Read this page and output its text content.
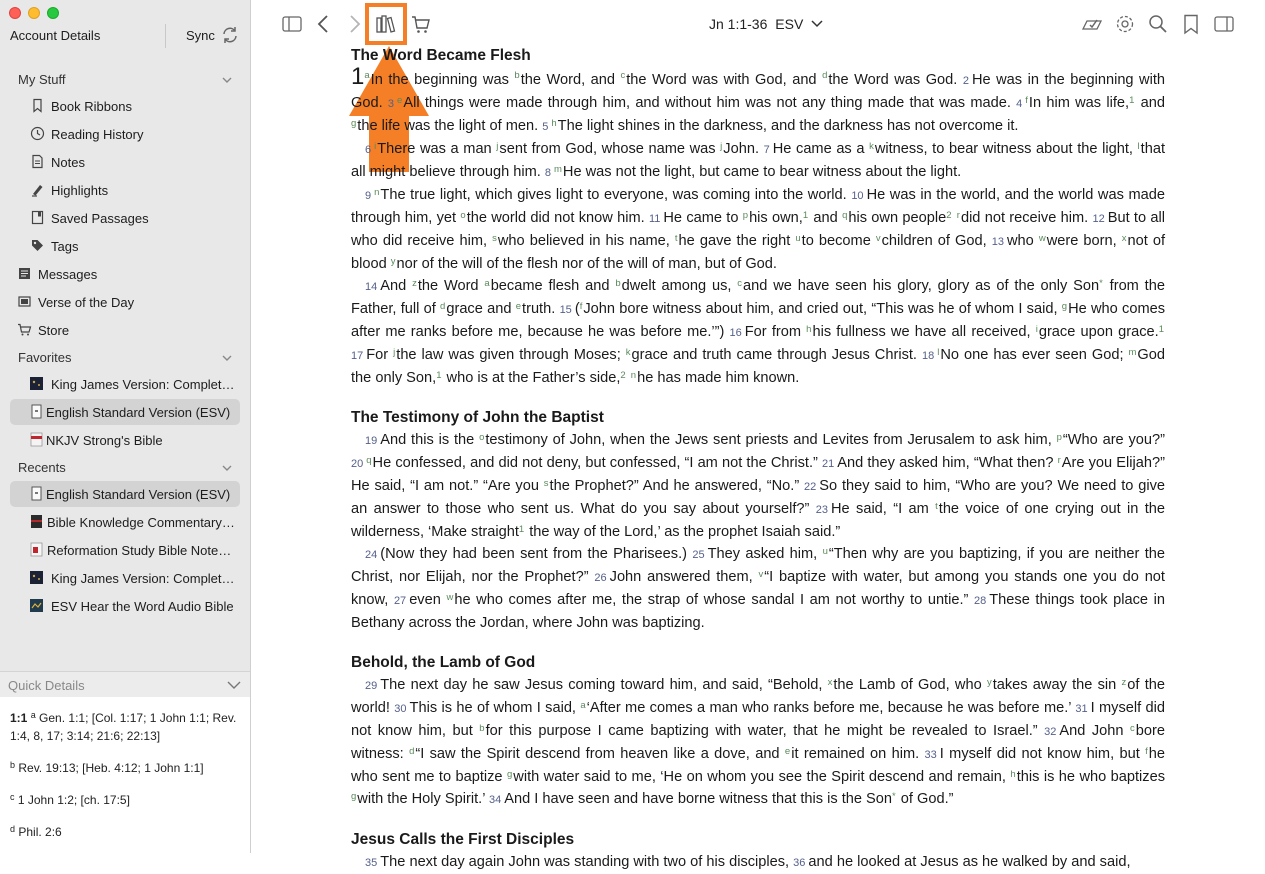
Account Details	Sync
My Stuff
Book Ribbons
Reading History
Notes
Highlights
Saved Passages
Tags
Messages
Verse of the Day
Store
Favorites
King James Version: Complet…
English Standard Version (ESV)
NKJV Strong's Bible
Recents
English Standard Version (ESV)
Bible Knowledge Commentary…
Reformation Study Bible Note…
King James Version: Complet…
ESV Hear the Word Audio Bible
Quick Details
1:1 $^a$ Gen. 1:1; [Col. 1:17; 1 John 1:1; Rev. 1:4, 8, 17; 3:14; 21:6; 22:13]
$^b$ Rev. 19:13; [Heb. 4:12; 1 John 1:1]
$^c$ 1 John 1:2; [ch. 17:5]
$^d$ Phil. 2:6
Jn 1:1-36 ESV
The Word Became Flesh
1$^a$In the beginning was $^b$the Word, and $^c$the Word was with God, and $^d$the Word was God. 2 He was in the beginning with God. 3 $^e$All things were made through him, and without him was not any thing made that was made. 4 $^f$In him was life,$^1$ and $^g$the life was the light of men. 5 $^h$The light shines in the darkness, and the darkness has not overcome it.
6 $^i$There was a man $^j$sent from God, whose name was $^j$John. 7 He came as a $^k$witness, to bear witness about the light, $^l$that all might believe through him. 8 $^m$He was not the light, but came to bear witness about the light.
9 $^n$The true light, which gives light to everyone, was coming into the world. 10 He was in the world, and the world was made through him, yet $^o$the world did not know him. 11 He came to $^p$his own,$^1$ and $^q$his own people$^2$ $^r$did not receive him. 12 But to all who did receive him, $^s$who believed in his name, $^t$he gave the right $^u$to become $^v$children of God, 13 who $^w$were born, $^x$not of blood $^y$nor of the will of the flesh nor of the will of man, but of God.
14 And $^z$the Word $^a$became flesh and $^b$dwelt among us, $^c$and we have seen his glory, glory as of the only Son* from the Father, full of $^d$grace and $^e$truth. 15 ($^f$John bore witness about him, and cried out, “This was he of whom I said, $^g$He who comes after me ranks before me, because he was before me.’”) 16 For from $^h$his fullness we have all received, $^i$grace upon grace.$^1$ 17 For $^j$the law was given through Moses; $^k$grace and truth came through Jesus Christ. 18 $^l$No one has ever seen God; $^m$God the only Son,$^1$ who is at the Father’s side,$^2$ $^n$he has made him known.
The Testimony of John the Baptist
19 And this is the $^o$testimony of John, when the Jews sent priests and Levites from Jerusalem to ask him, $^p$“Who are you?” 20 $^q$He confessed, and did not deny, but confessed, “I am not the Christ.” 21 And they asked him, “What then? $^r$Are you Elijah?” He said, “I am not.” “Are you $^s$the Prophet?” And he answered, “No.” 22 So they said to him, “Who are you? We need to give an answer to those who sent us. What do you say about yourself?” 23 He said, “I am $^t$the voice of one crying out in the wilderness, ‘Make straight$^1$ the way of the Lord,’ as the prophet Isaiah said.”
24 (Now they had been sent from the Pharisees.) 25 They asked him, $^u$“Then why are you baptizing, if you are neither the Christ, nor Elijah, nor the Prophet?” 26 John answered them, $^v$“I baptize with water, but among you stands one you do not know, 27 even $^w$he who comes after me, the strap of whose sandal I am not worthy to untie.” 28 These things took place in Bethany across the Jordan, where John was baptizing.
Behold, the Lamb of God
29 The next day he saw Jesus coming toward him, and said, “Behold, $^x$the Lamb of God, who $^y$takes away the sin $^z$of the world! 30 This is he of whom I said, $^a$‘After me comes a man who ranks before me, because he was before me.’ 31 I myself did not know him, but $^b$for this purpose I came baptizing with water, that he might be revealed to Israel.” 32 And John $^c$bore witness: $^d$“I saw the Spirit descend from heaven like a dove, and $^e$it remained on him. 33 I myself did not know him, but $^f$he who sent me to baptize $^g$with water said to me, ‘He on whom you see the Spirit descend and remain, $^h$this is he who baptizes $^g$with the Holy Spirit.’ 34 And I have seen and have borne witness that this is the Son* of God.”
Jesus Calls the First Disciples
35 The next day again John was standing with two of his disciples, 36 and he looked at Jesus as he walked by and said,
